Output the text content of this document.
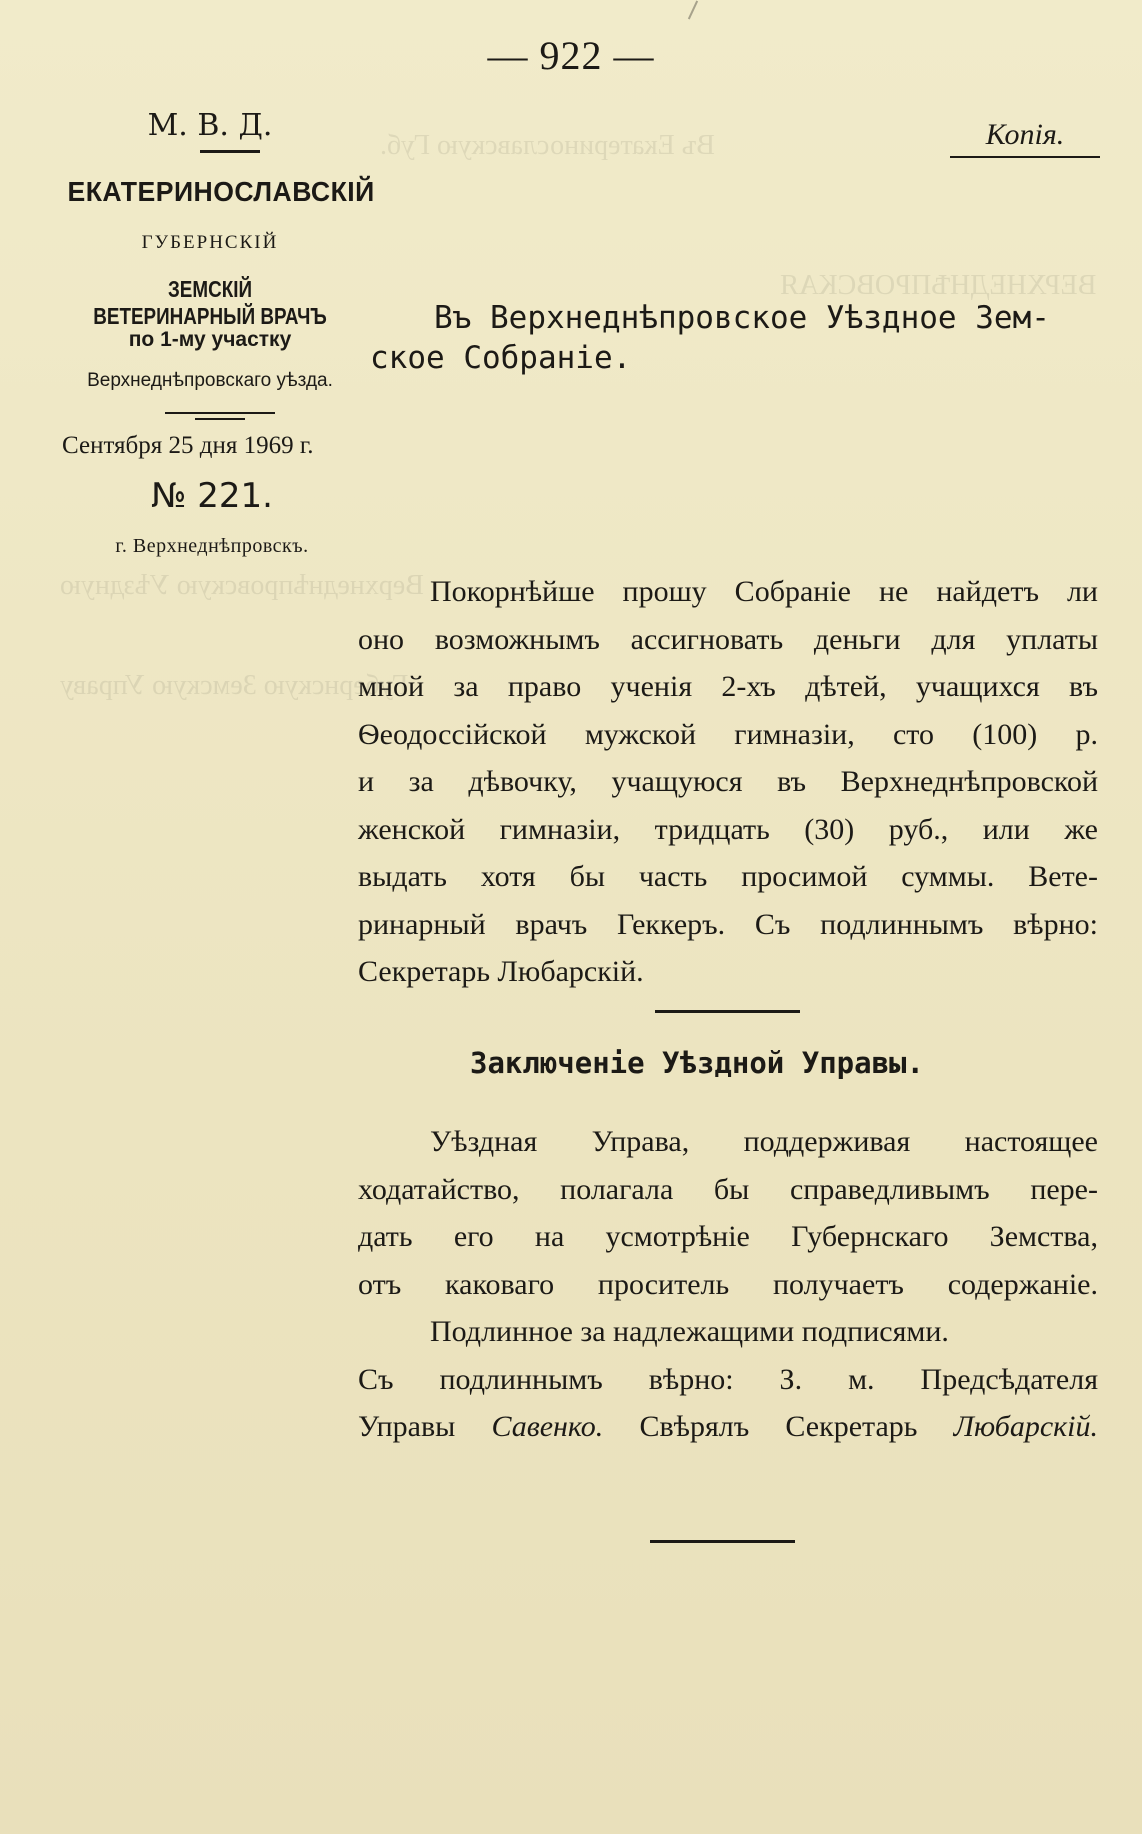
Въ Екатеринославскую Губ.
ВЕРХНЕДНѢПРОВСКАЯ
Верхнеднѣпровскую Уѣздную
Губернскую Земскую Управу
— 922 —
М. В. Д.
ЕКАТЕРИНОСЛАВСКІЙ
ГУБЕРНСКІЙ
ЗЕМСКІЙ ВЕТЕРИНАРНЫЙ ВРАЧЪ
по 1-му участку
Верхнеднѣпровскаго уѣзда.
Сентября 25 дня 1969 г.
№ 221.
г. Верхнеднѣпровскъ.
Копія.
Въ Верхнеднѣпровское Уѣздное Зем-
ское Собраніе.
Покорнѣйше прошу Собраніе не найдетъ ли
оно возможнымъ ассигновать деньги для уплаты
мной за право ученія 2-хъ дѣтей, учащихся въ
Ѳеодоссійской мужской гимназіи, сто (100) р.
и за дѣвочку, учащуюся въ Верхнеднѣпровской
женской гимназіи, тридцать (30) руб., или же
выдать хотя бы часть просимой суммы. Вете-
ринарный врачъ Геккеръ. Съ подлиннымъ вѣрно:
Секретарь Любарскій.
Заключеніе Уѣздной Управы.
Уѣздная Управа, поддерживая настоящее
ходатайство, полагала бы справедливымъ пере-
дать его на усмотрѣніе Губернскаго Земства,
отъ каковаго проситель получаетъ содержаніе.
Подлинное за надлежащими подписями.
Съ подлиннымъ вѣрно: З. м. Предсѣдателя
Управы Савенко. Свѣрялъ Секретарь Любарскій.
